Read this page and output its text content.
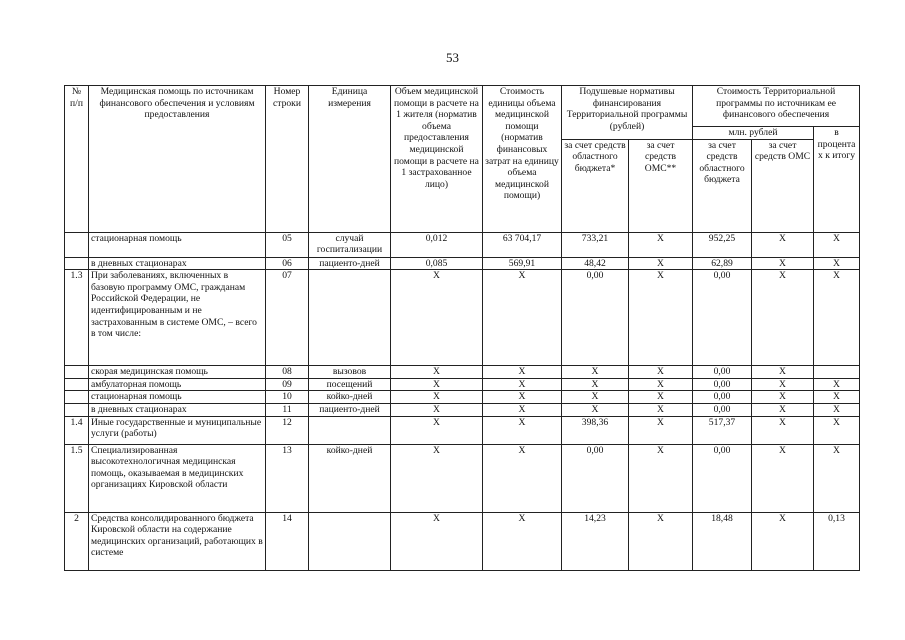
53
№ п/п	Медицинская помощь по источникам финансового обеспечения и условиям предоставления	Номер строки	Единица измерения	Объем медицинской помощи в расчете на 1 жителя (норматив объема предоставления медицинской помощи в расчете на 1 застрахованное лицо)	Стоимость единицы объема медицинской помощи (норматив финансовых затрат на единицу объема медицинской помощи)	Подушевые нормативы финансирования Территориальной программы (рублей)		Стоимость Территориальной программы по источникам ее финансового обеспечения		
								млн. рублей		в процентах к итогу
						за счет средств областного бюджета*	за счет средств ОМС**	за счет средств областного бюджета	за счет средств ОМС	
	стационарная помощь	05	случай госпитализации	0,012	63 704,17	733,21	Х	952,25	Х	Х
	в дневных стационарах	06	пациенто-дней	0,085	569,91	48,42	Х	62,89	Х	Х
1.3	При заболеваниях, включенных в базовую программу ОМС, гражданам Российской Федерации, не идентифицированным и не застрахованным в системе ОМС, – всего в том числе:	07		Х	Х	0,00	Х	0,00	Х	Х
	скорая медицинская помощь	08	вызовов	Х	Х	Х	Х	0,00	Х	
	амбулаторная помощь	09	посещений	Х	Х	Х	Х	0,00	Х	Х
	стационарная помощь	10	койко-дней	Х	Х	Х	Х	0,00	Х	Х
	в дневных стационарах	11	пациенто-дней	Х	Х	Х	Х	0,00	Х	Х
1.4	Иные государственные и муниципальные услуги (работы)	12		Х	Х	398,36	Х	517,37	Х	Х
1.5	Специализированная высокотехнологичная медицинская помощь, оказываемая в медицинских организациях Кировской области	13	койко-дней	Х	Х	0,00	Х	0,00	Х	Х
2	Средства консолидированного бюджета Кировской области на содержание медицинских организаций, работающих в системе	14		Х	Х	14,23	Х	18,48	Х	0,13
